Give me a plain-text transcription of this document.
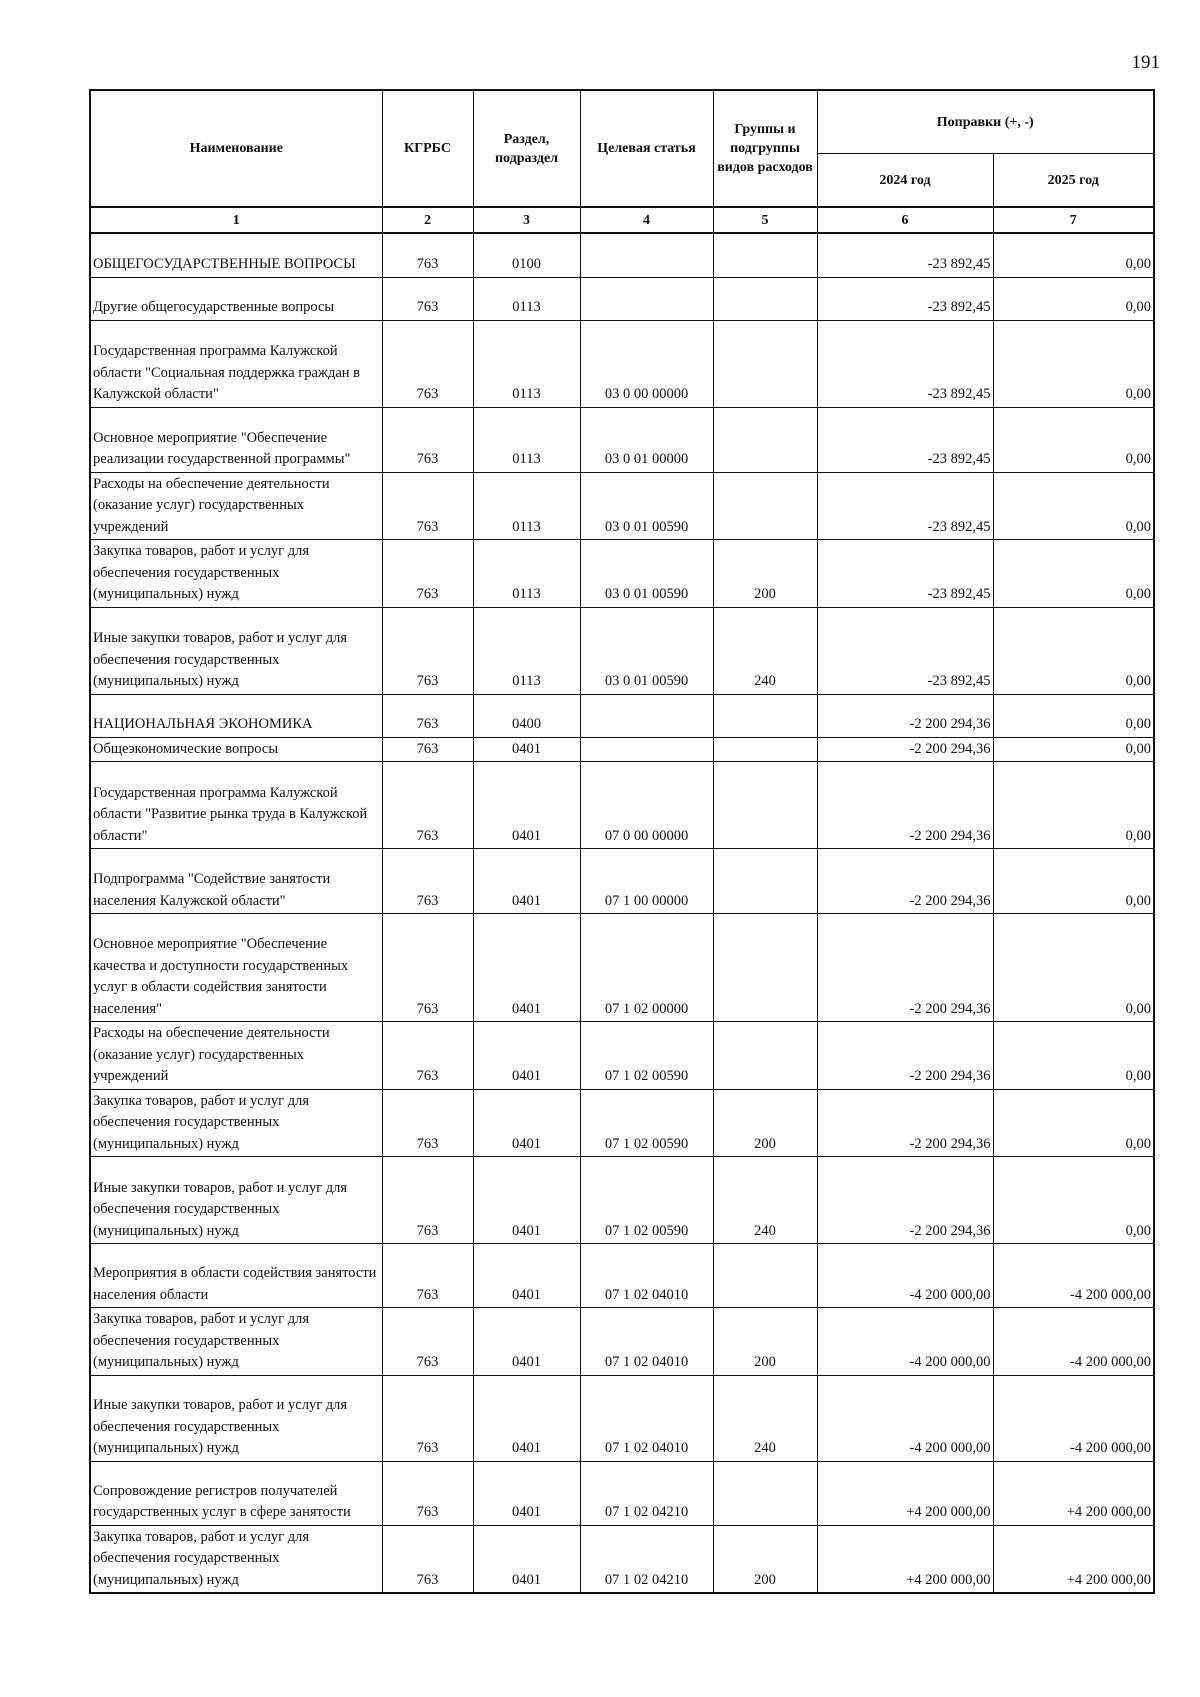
191
Наименование	КГРБС	Раздел, подраздел	Целевая статья	Группы и подгруппы видов расходов	Поправки (+, -)	
					2024 год	2025 год
1	2	3	4	5	6	7
ОБЩЕГОСУДАРСТВЕННЫЕ ВОПРОСЫ	763	0100			-23 892,45	0,00
Другие общегосударственные вопросы	763	0113			-23 892,45	0,00
Государственная программа Калужской области "Социальная поддержка граждан в Калужской области"	763	0113	03 0 00 00000		-23 892,45	0,00
Основное мероприятие "Обеспечение реализации государственной программы"	763	0113	03 0 01 00000		-23 892,45	0,00
Расходы на обеспечение деятельности (оказание услуг) государственных учреждений	763	0113	03 0 01 00590		-23 892,45	0,00
Закупка товаров, работ и услуг для обеспечения государственных (муниципальных) нужд	763	0113	03 0 01 00590	200	-23 892,45	0,00
Иные закупки товаров, работ и услуг для обеспечения государственных (муниципальных) нужд	763	0113	03 0 01 00590	240	-23 892,45	0,00
НАЦИОНАЛЬНАЯ ЭКОНОМИКА	763	0400			-2 200 294,36	0,00
Общеэкономические вопросы	763	0401			-2 200 294,36	0,00
Государственная программа Калужской области "Развитие рынка труда в Калужской области"	763	0401	07 0 00 00000		-2 200 294,36	0,00
Подпрограмма "Содействие занятости населения Калужской области"	763	0401	07 1 00 00000		-2 200 294,36	0,00
Основное мероприятие "Обеспечение качества и доступности государственных услуг в области содействия занятости населения"	763	0401	07 1 02 00000		-2 200 294,36	0,00
Расходы на обеспечение деятельности (оказание услуг) государственных учреждений	763	0401	07 1 02 00590		-2 200 294,36	0,00
Закупка товаров, работ и услуг для обеспечения государственных (муниципальных) нужд	763	0401	07 1 02 00590	200	-2 200 294,36	0,00
Иные закупки товаров, работ и услуг для обеспечения государственных (муниципальных) нужд	763	0401	07 1 02 00590	240	-2 200 294,36	0,00
Мероприятия в области содействия занятости населения области	763	0401	07 1 02 04010		-4 200 000,00	-4 200 000,00
Закупка товаров, работ и услуг для обеспечения государственных (муниципальных) нужд	763	0401	07 1 02 04010	200	-4 200 000,00	-4 200 000,00
Иные закупки товаров, работ и услуг для обеспечения государственных (муниципальных) нужд	763	0401	07 1 02 04010	240	-4 200 000,00	-4 200 000,00
Сопровождение регистров получателей государственных услуг в сфере занятости	763	0401	07 1 02 04210		+4 200 000,00	+4 200 000,00
Закупка товаров, работ и услуг для обеспечения государственных (муниципальных) нужд	763	0401	07 1 02 04210	200	+4 200 000,00	+4 200 000,00
